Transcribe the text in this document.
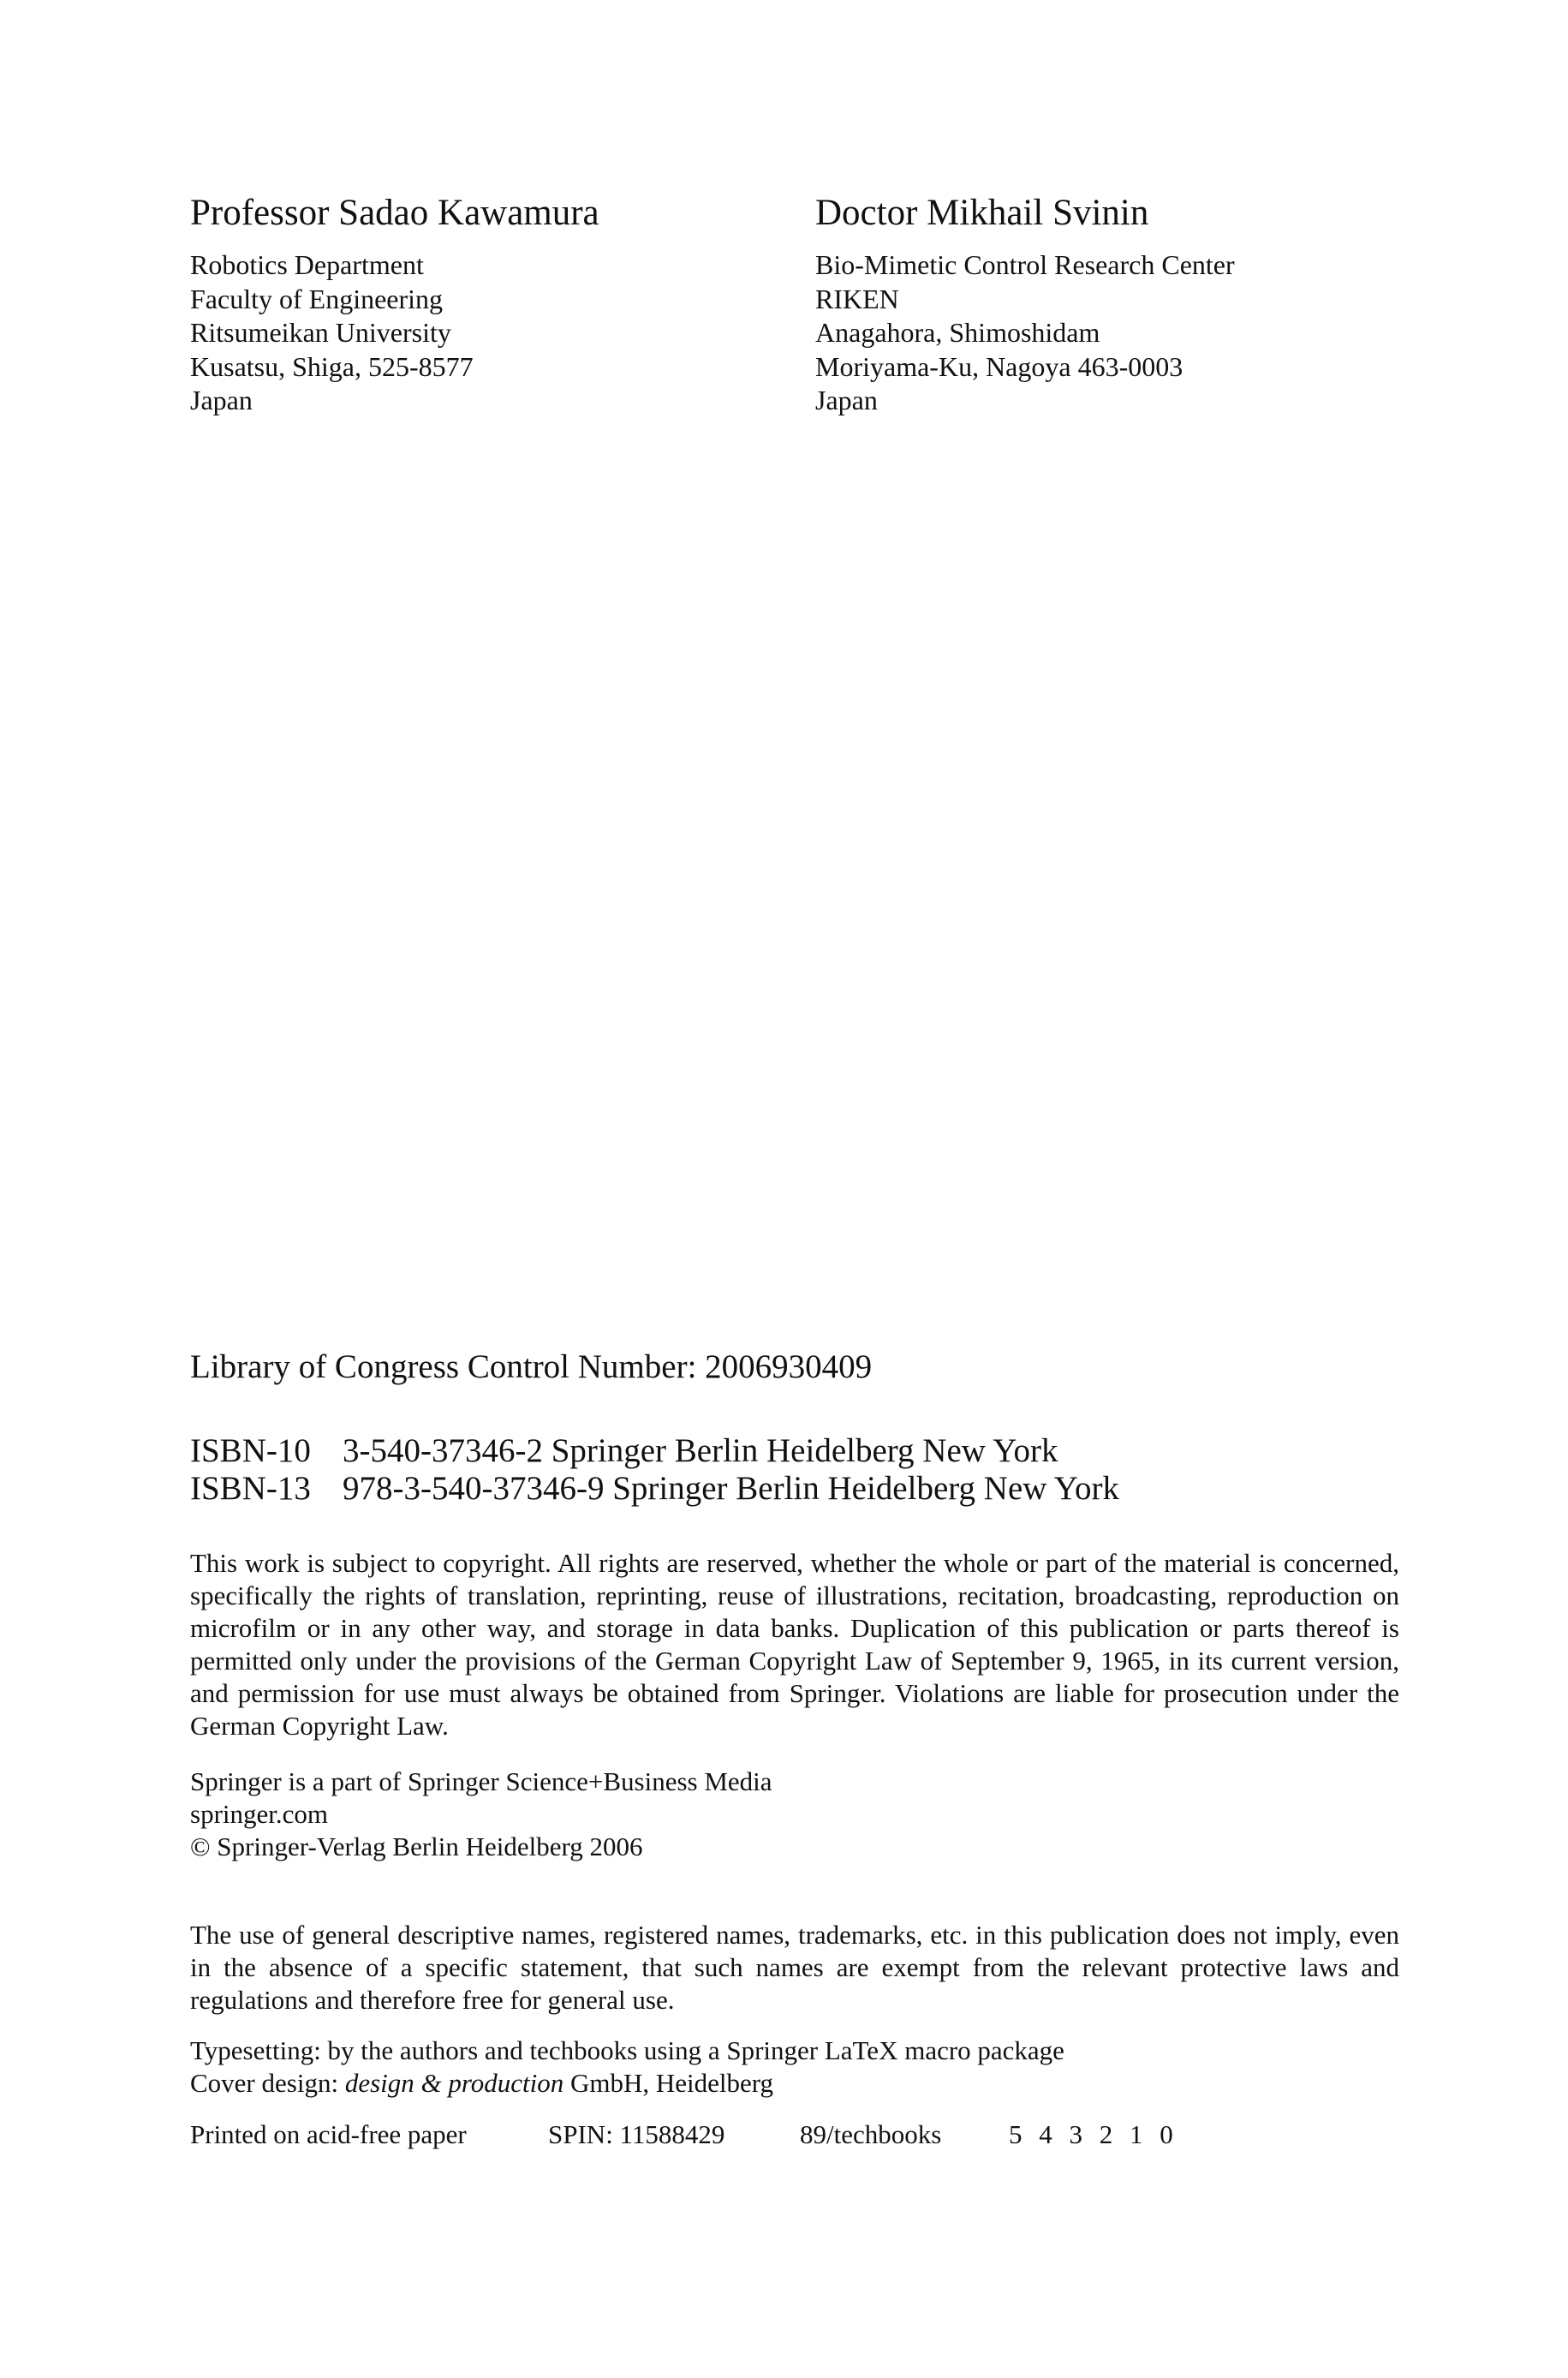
Professor Sadao Kawamura
Robotics Department
Faculty of Engineering
Ritsumeikan University
Kusatsu, Shiga, 525-8577
Japan
Doctor Mikhail Svinin
Bio-Mimetic Control Research Center
RIKEN
Anagahora, Shimoshidam
Moriyama-Ku, Nagoya 463-0003
Japan
Library of Congress Control Number: 2006930409
ISBN-10 3-540-37346-2 Springer Berlin Heidelberg New York
ISBN-13 978-3-540-37346-9 Springer Berlin Heidelberg New York

This work is subject to copyright. All rights are reserved, whether the whole or part of the material is concerned, specifically the rights of translation, reprinting, reuse of illustrations, recitation, broadcasting, reproduction on microfilm or in any other way, and storage in data banks. Duplication of this publication or parts thereof is permitted only under the provisions of the German Copyright Law of September 9, 1965, in its current version, and permission for use must always be obtained from Springer. Violations are liable for prosecution under the German Copyright Law.

Springer is a part of Springer Science+Business Media
springer.com
© Springer-Verlag Berlin Heidelberg 2006

The use of general descriptive names, registered names, trademarks, etc. in this publication does not imply, even in the absence of a specific statement, that such names are exempt from the relevant protective laws and regulations and therefore free for general use.

Typesetting: by the authors and techbooks using a Springer LaTeX macro package
Cover design: design & production GmbH, Heidelberg
Printed on acid-free paper	SPIN: 11588429	89/techbooks	5 4 3 2 1 0
